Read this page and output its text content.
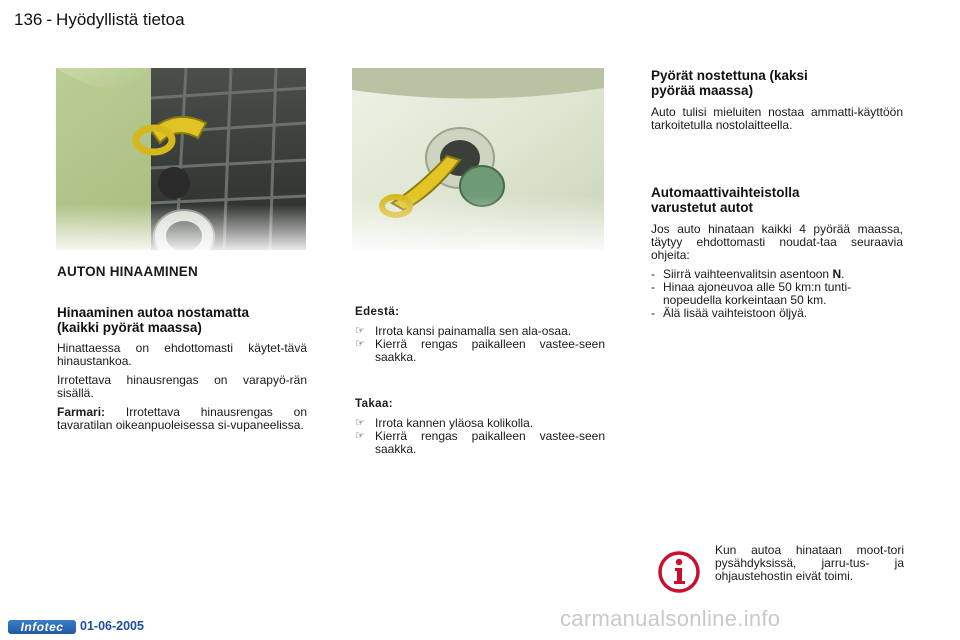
136 - Hyödyllistä tietoa
AUTON HINAAMINEN
Hinaaminen autoa nostamatta
(kaikki pyörät maassa)

Hinattaessa on ehdottomasti käytet-tävä hinaustankoa.

Irrotettava hinausrengas on varapyö-rän sisällä.

Farmari: Irrotettava hinausrengas on tavaratilan oikeanpuoleisessa si-vupaneelissa.

Edestä:
☞ Irrota kansi painamalla sen ala-osaa.
☞ Kierrä rengas paikalleen vastee-seen saakka.
Takaa:
☞ Irrota kannen yläosa kolikolla.
☞ Kierrä rengas paikalleen vastee-seen saakka.
Pyörät nostettuna (kaksi
pyörää maassa)

Auto tulisi mieluiten nostaa ammatti-käyttöön tarkoitetulla nostolaitteella.

Automaattivaihteistolla
varustetut autot

Jos auto hinataan kaikki 4 pyörää maassa, täytyy ehdottomasti noudat-taa seuraavia ohjeita:

- Siirrä vaihteenvalitsin asentoon N.
- Hinaa ajoneuvoa alle 50 km:n tunti-nopeudella korkeintaan 50 km.
- Älä lisää vaihteistoon öljyä.

Kun autoa hinataan moot-tori pysähdyksissä, jarru-tus- ja ohjaustehostin eivät toimi.

Infotec	01-06-2005	carmanualsonline.info
